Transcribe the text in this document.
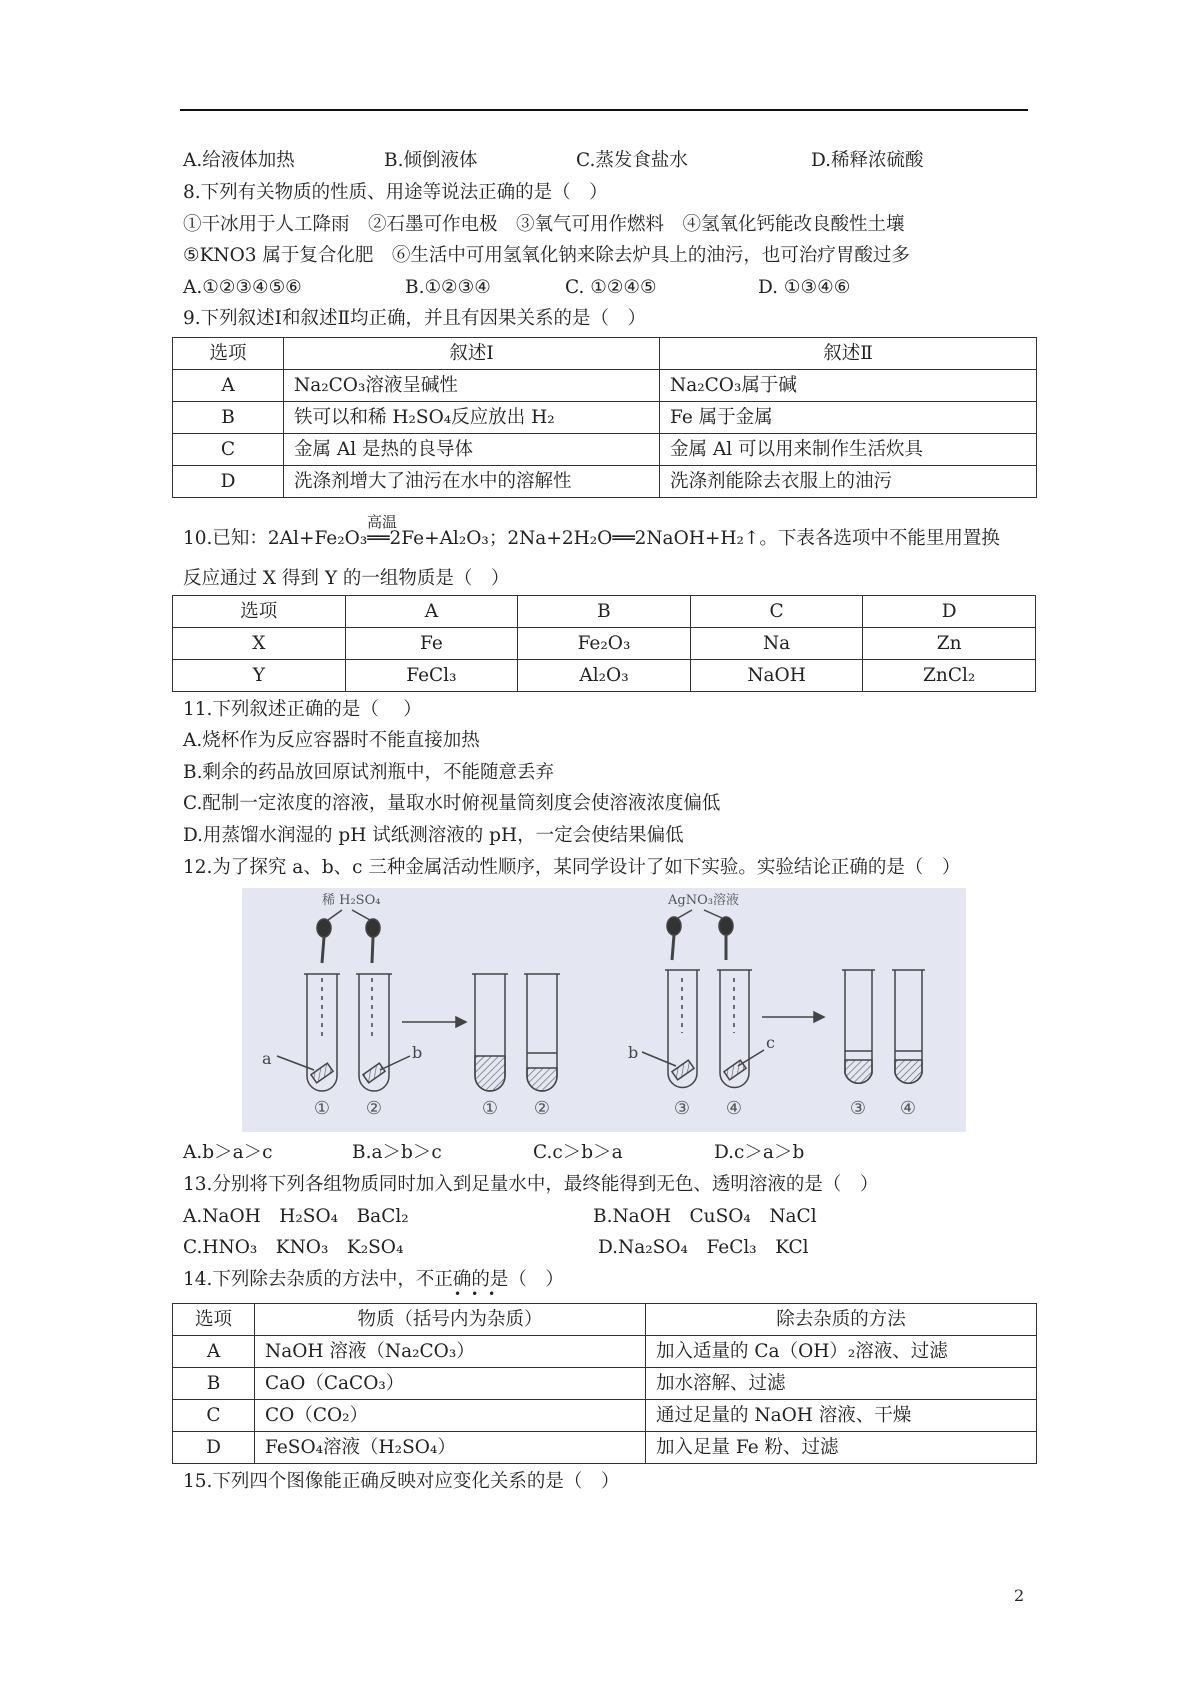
A.给液体加热	B.倾倒液体	C.蒸发食盐水	D.稀释浓硫酸
8.下列有关物质的性质、用途等说法正确的是（　）
①干冰用于人工降雨　②石墨可作电极　③氧气可用作燃料　④氢氧化钙能改良酸性土壤
⑤KNO3 属于复合化肥　⑥生活中可用氢氧化钠来除去炉具上的油污，也可治疗胃酸过多
A.①②③④⑤⑥	B.①②③④	C. ①②④⑤	D. ①③④⑥
9.下列叙述Ⅰ和叙述Ⅱ均正确，并且有因果关系的是（　）
选项	叙述Ⅰ	叙述Ⅱ
A	Na₂CO₃溶液呈碱性	Na₂CO₃属于碱
B	铁可以和稀 H₂SO₄反应放出 H₂	Fe 属于金属
C	金属 Al 是热的良导体	金属 Al 可以用来制作生活炊具
D	洗涤剂增大了油污在水中的溶解性	洗涤剂能除去衣服上的油污
高温
10.已知：2Al+Fe₂O₃══2Fe+Al₂O₃；2Na+2H₂O══2NaOH+H₂↑。下表各选项中不能里用置换
反应通过 X 得到 Y 的一组物质是（　）
选项	A	B	C	D
X	Fe	Fe₂O₃	Na	Zn
Y	FeCl₃	Al₂O₃	NaOH	ZnCl₂
11.下列叙述正确的是（　 ）
A.烧杯作为反应容器时不能直接加热
B.剩余的药品放回原试剂瓶中，不能随意丢弃
C.配制一定浓度的溶液，量取水时俯视量筒刻度会使溶液浓度偏低
D.用蒸馏水润湿的 pH 试纸测溶液的 pH，一定会使结果偏低
12.为了探究 a、b、c 三种金属活动性顺序，某同学设计了如下实验。实验结论正确的是（　）
稀 H₂SO₄	AgNO₃溶液
a	b	b
c
① ②	① ②	③ ④	③ ④
A.b＞a＞c	B.a＞b＞c	C.c＞b＞a	D.c＞a＞b
13.分别将下列各组物质同时加入到足量水中，最终能得到无色、透明溶液的是（　）
A.NaOH　H₂SO₄　BaCl₂	B.NaOH　CuSO₄　NaCl
C.HNO₃　KNO₃　K₂SO₄	D.Na₂SO₄　FeCl₃　KCl
14.下列除去杂质的方法中，不正确的是（　）
•••
选项	物质（括号内为杂质）	除去杂质的方法
A	NaOH 溶液（Na₂CO₃）	加入适量的 Ca（OH）₂溶液、过滤
B	CaO（CaCO₃）	加水溶解、过滤
C	CO（CO₂）	通过足量的 NaOH 溶液、干燥
D	FeSO₄溶液（H₂SO₄）	加入足量 Fe 粉、过滤
15.下列四个图像能正确反映对应变化关系的是（　）
2
